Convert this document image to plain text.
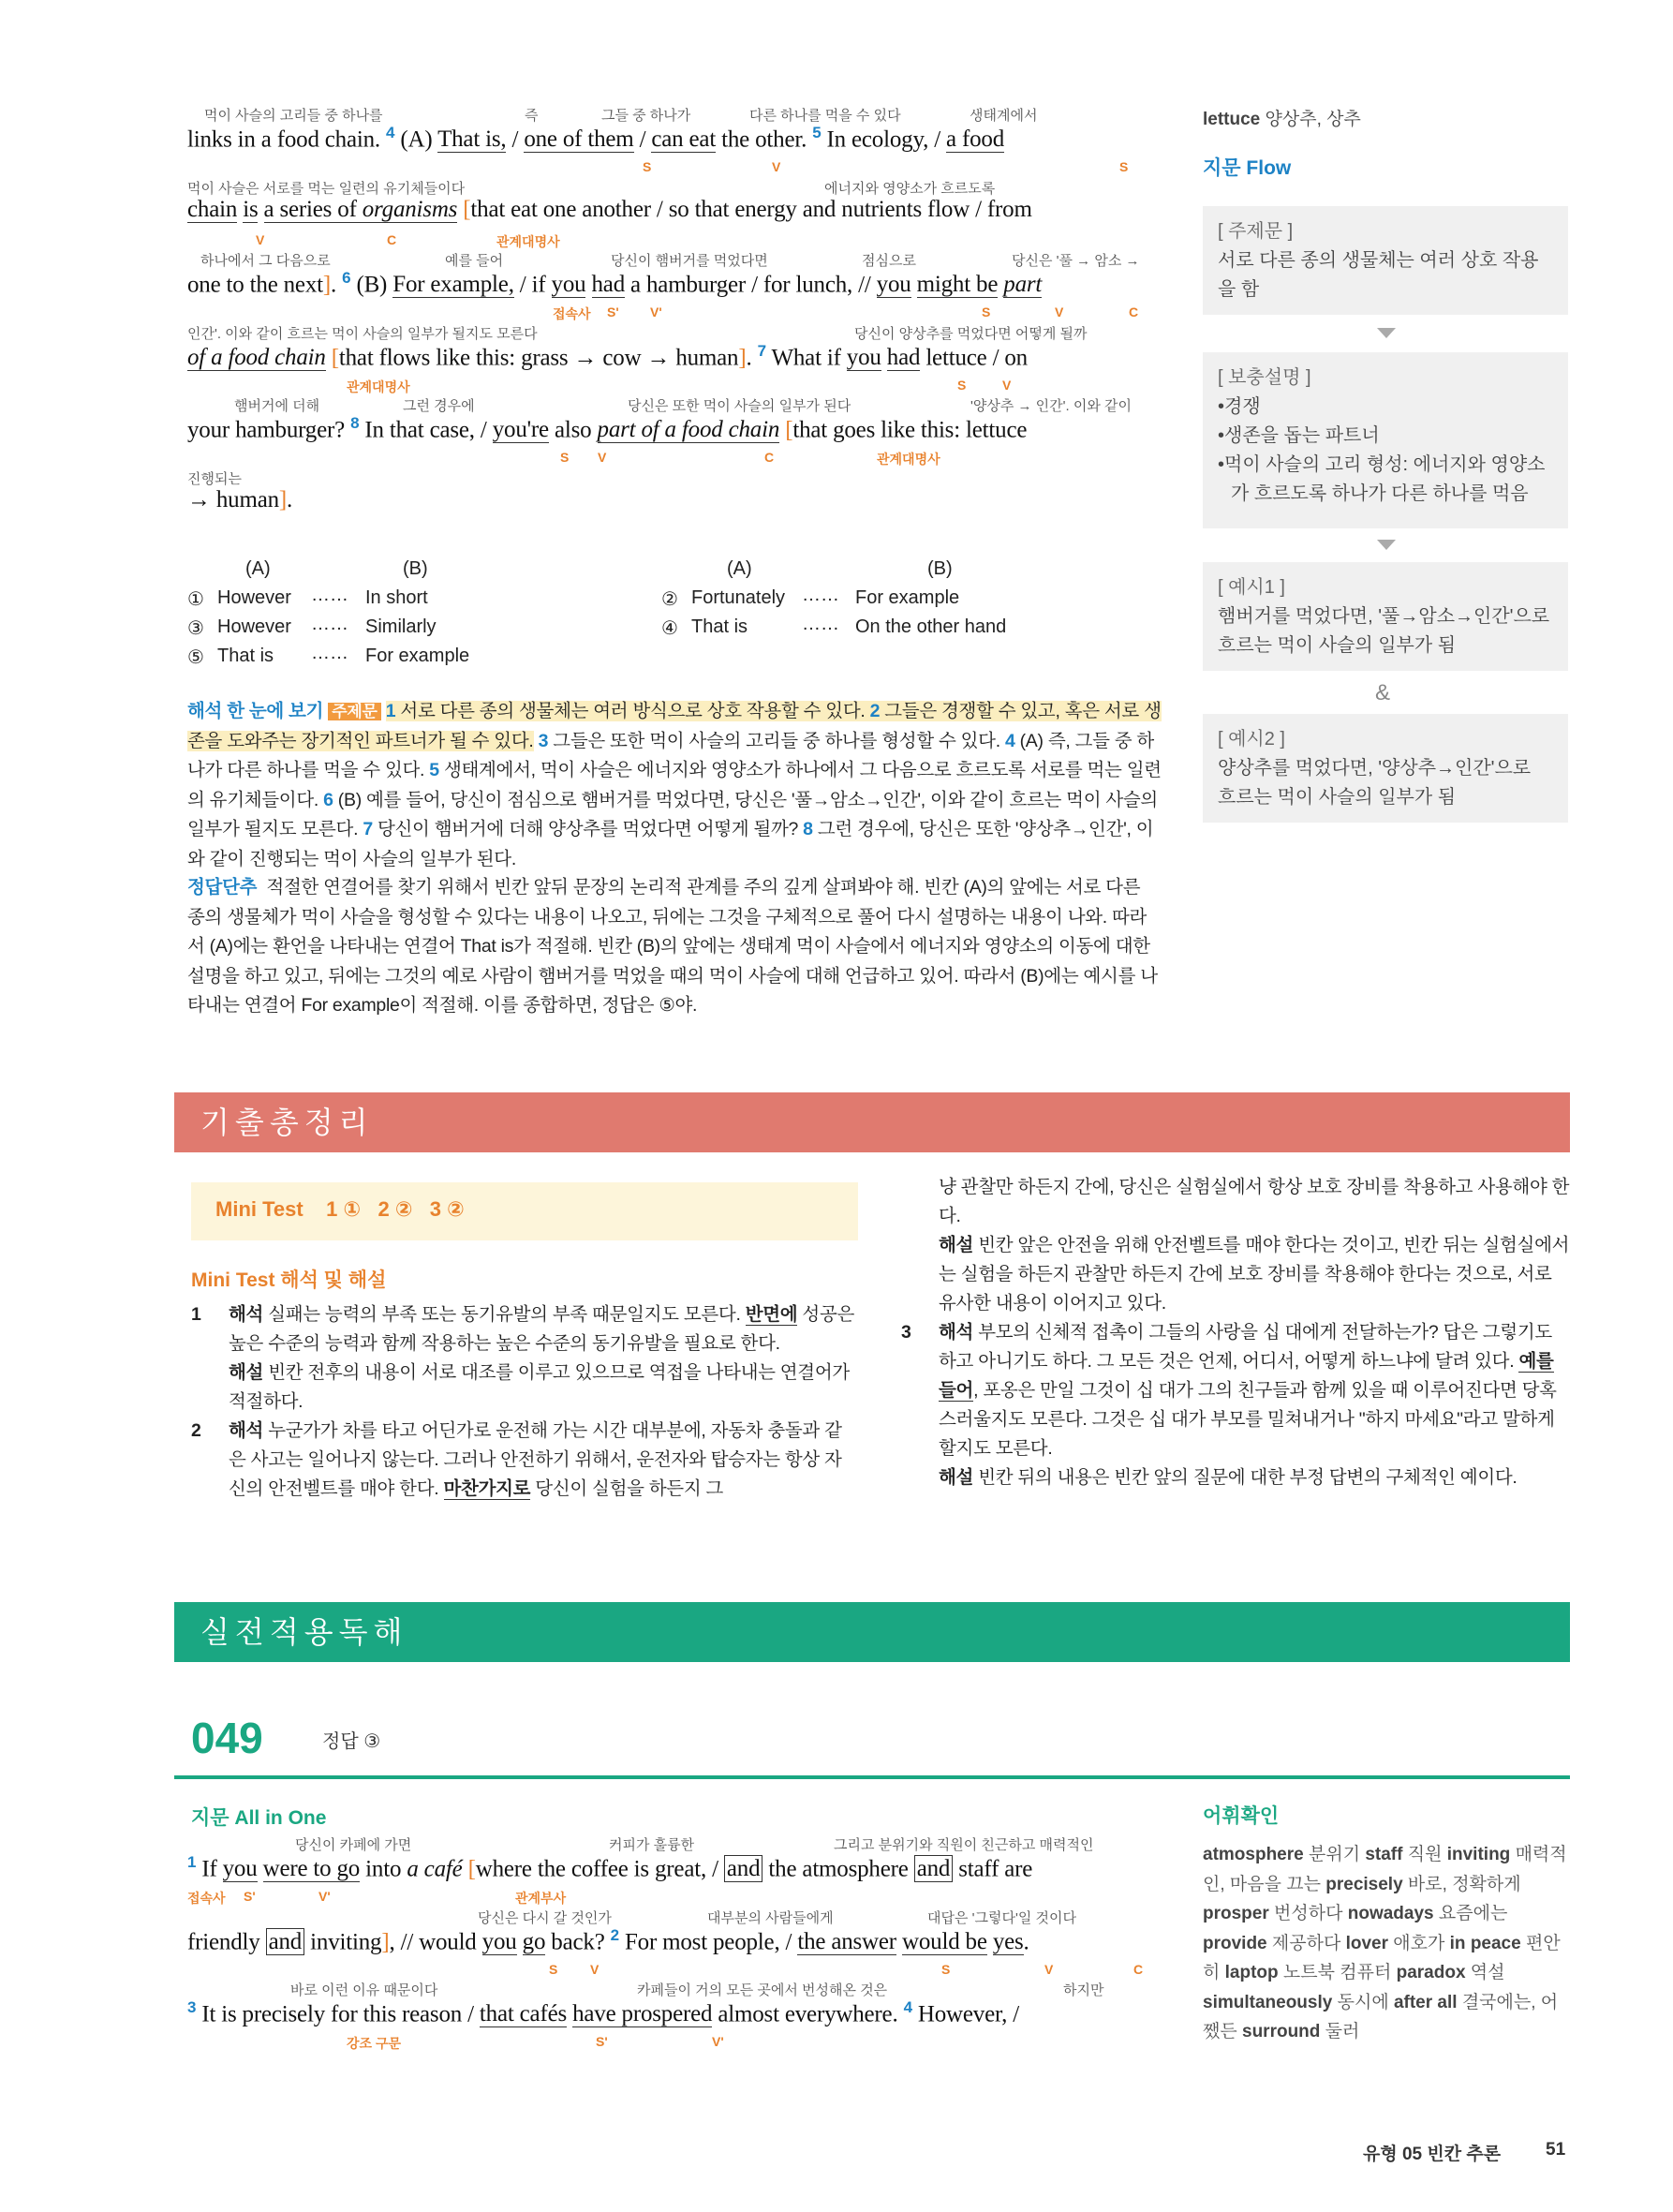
먹이 사슬의 고리들 중 하나를	즉	그들 중 하나가	다른 하나를 먹을 수 있다	생태계에서
links in a food chain. $^4$ (A) That is, / one of them / can eat the other. $^5$ In ecology, / a food
S	V	S
먹이 사슬은 서로를 먹는 일련의 유기체들이다	에너지와 영양소가 흐르도록
chain is a series of organisms [that eat one another / so that energy and nutrients flow / from
V	C	관계대명사
하나에서 그 다음으로	예를 들어	당신이 햄버거를 먹었다면	점심으로	당신은 '풀 → 암소 →
one to the next]. $^6$ (B) For example, / if you had a hamburger / for lunch, // you might be part
접속사 S' V'	S	V	C
인간'. 이와 같이 흐르는 먹이 사슬의 일부가 될지도 모른다	당신이 양상추를 먹었다면 어떻게 될까
of a food chain [that flows like this: grass → cow → human]. $^7$ What if you had lettuce / on
관계대명사	S	V
햄버거에 더해	그런 경우에	당신은 또한 먹이 사슬의 일부가 된다	'양상추 → 인간'. 이와 같이
your hamburger? $^8$ In that case, / you're also part of a food chain [that goes like this: lettuce
S V	C	관계대명사
진행되는
→ human].
(A)	(B)	(A)	(B)
① However …… In short	② Fortunately …… For example
③ However …… Similarly	④ That is	…… On the other hand
⑤ That is …… For example
해석 한 눈에 보기 주제문 1 서로 다른 종의 생물체는 여러 방식으로 상호 작용할 수 있다. 2 그들은 경쟁할 수 있고, 혹은 서로 생존을 도와주는 장기적인 파트너가 될 수 있다. 3 그들은 또한 먹이 사슬의 고리들 중 하나를 형성할 수 있다. 4 (A) 즉, 그들 중 하나가 다른 하나를 먹을 수 있다. 5 생태계에서, 먹이 사슬은 에너지와 영양소가 하나에서 그 다음으로 흐르도록 서로를 먹는 일련의 유기체들이다. 6 (B) 예를 들어, 당신이 점심으로 햄버거를 먹었다면, 당신은 '풀→암소→인간', 이와 같이 흐르는 먹이 사슬의 일부가 될지도 모른다. 7 당신이 햄버거에 더해 양상추를 먹었다면 어떻게 될까? 8 그런 경우에, 당신은 또한 '양상추→인간', 이와 같이 진행되는 먹이 사슬의 일부가 된다.
정답단추 적절한 연결어를 찾기 위해서 빈칸 앞뒤 문장의 논리적 관계를 주의 깊게 살펴봐야 해. 빈칸 (A)의 앞에는 서로 다른 종의 생물체가 먹이 사슬을 형성할 수 있다는 내용이 나오고, 뒤에는 그것을 구체적으로 풀어 다시 설명하는 내용이 나와. 따라서 (A)에는 환언을 나타내는 연결어 That is가 적절해. 빈칸 (B)의 앞에는 생태계 먹이 사슬에서 에너지와 영양소의 이동에 대한 설명을 하고 있고, 뒤에는 그것의 예로 사람이 햄버거를 먹었을 때의 먹이 사슬에 대해 언급하고 있어. 따라서 (B)에는 예시를 나타내는 연결어 For example이 적절해. 이를 종합하면, 정답은 ⑤야.
lettuce 양상추, 상추
지문 Flow
[ 주제문 ]
서로 다른 종의 생물체는 여러 상호 작용을 함
[ 보충설명 ]
•경쟁
•생존을 돕는 파트너
•먹이 사슬의 고리 형성: 에너지와 영양소가 흐르도록 하나가 다른 하나를 먹음
[ 예시1 ]
햄버거를 먹었다면, '풀→암소→인간'으로 흐르는 먹이 사슬의 일부가 됨
&
[ 예시2 ]
양상추를 먹었다면, '양상추→인간'으로 흐르는 먹이 사슬의 일부가 됨
기출총정리
Mini Test 1 ①   2 ②   3 ②
Mini Test 해석 및 해설
1 해석 실패는 능력의 부족 또는 동기유발의 부족 때문일지도 모른다. 반면에 성공은 높은 수준의 능력과 함께 작용하는 높은 수준의 동기유발을 필요로 한다.
해설 빈칸 전후의 내용이 서로 대조를 이루고 있으므로 역접을 나타내는 연결어가 적절하다.
2 해석 누군가가 차를 타고 어딘가로 운전해 가는 시간 대부분에, 자동차 충돌과 같은 사고는 일어나지 않는다. 그러나 안전하기 위해서, 운전자와 탑승자는 항상 자신의 안전벨트를 매야 한다. 마찬가지로 당신이 실험을 하든지 그
냥 관찰만 하든지 간에, 당신은 실험실에서 항상 보호 장비를 착용하고 사용해야 한다.
해설 빈칸 앞은 안전을 위해 안전벨트를 매야 한다는 것이고, 빈칸 뒤는 실험실에서는 실험을 하든지 관찰만 하든지 간에 보호 장비를 착용해야 한다는 것으로, 서로 유사한 내용이 이어지고 있다.
3 해석 부모의 신체적 접촉이 그들의 사랑을 십 대에게 전달하는가? 답은 그렇기도 하고 아니기도 하다. 그 모든 것은 언제, 어디서, 어떻게 하느냐에 달려 있다. 예를 들어, 포옹은 만일 그것이 십 대가 그의 친구들과 함께 있을 때 이루어진다면 당혹스러울지도 모른다. 그것은 십 대가 부모를 밀쳐내거나 "하지 마세요"라고 말하게 할지도 모른다.
해설 빈칸 뒤의 내용은 빈칸 앞의 질문에 대한 부정 답변의 구체적인 예이다.
실전적용독해
049	정답 ③
지문 All in One
당신이 카페에 가면	커피가 훌륭한	그리고 분위기와 직원이 친근하고 매력적인
$^1$ If you were to go into a café [where the coffee is great, / and the atmosphere and staff are
접속사 S'	V'	관계부사
당신은 다시 갈 것인가	대부분의 사람들에게	대답은 '그렇다'일 것이다
friendly and inviting], // would you go back? $^2$ For most people, / the answer would be yes.
S V	S	V	C
바로 이런 이유 때문이다	카페들이 거의 모든 곳에서 번성해온 것은	하지만
$^3$ It is precisely for this reason / that cafés have prospered almost everywhere. $^4$ However, /
강조 구문	S'	V'
어휘확인
atmosphere 분위기 staff 직원 inviting 매력적인, 마음을 끄는 precisely 바로, 정확하게 prosper 번성하다 nowadays 요즘에는 provide 제공하다 lover 애호가 in peace 편안히 laptop 노트북 컴퓨터 paradox 역설 simultaneously 동시에 after all 결국에는, 어쨌든 surround 둘러
유형 05 빈칸 추론	51
